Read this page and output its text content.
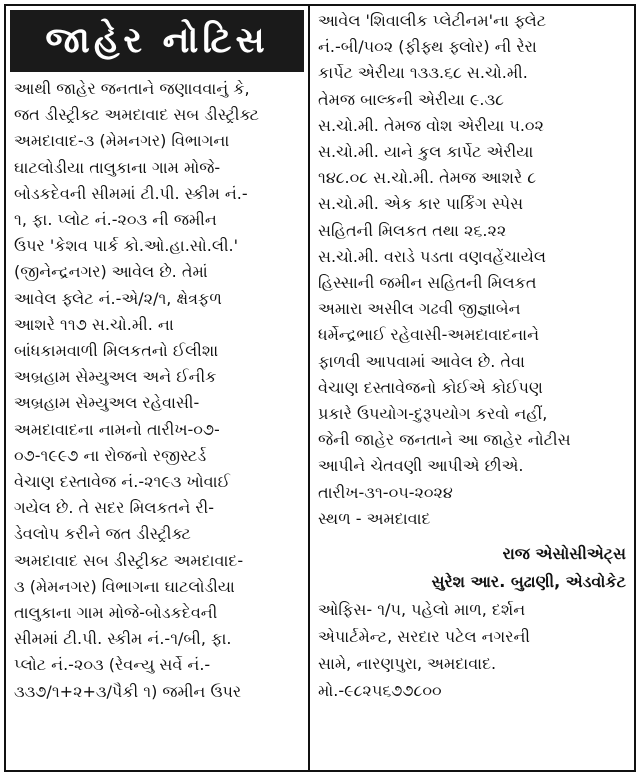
જાહેર નોટિસ
આથી જાહેર જનતાને જણાવવાનું કે,
જત ડીસ્ટ્રીક્ટ અમદાવાદ સબ ડીસ્ટ્રીક્ટ
અમદાવાદ-૩ (મેમનગર) વિભાગના
ઘાટલોડીયા તાલુકાના ગામ મોજે-
બોડકદેવની સીમમાં ટી.પી. સ્કીમ નં.-
૧, ફા. પ્લોટ નં.-૨૦૩ ની જમીન
ઉપર 'કેશવ પાર્ક કો.ઓ.હા.સો.લી.'
(જીનેન્દ્રનગર) આવેલ છે. તેમાં
આવેલ ફ્લેટ નં.-એ/૨/૧, ક્ષેત્રફળ
આશરે ૧૧૭ સ.ચો.મી. ના
બાંધકામવાળી મિલકતનો ઈલીશા
અબ્રહામ સેમ્યુઅલ અને ઈનીક
અબ્રહામ સેમ્યુઅલ રહેવાસી-
અમદાવાદના નામનો તારીખ-૦૭-
૦૭-૧૯૯૭ ના રોજનો રજીસ્ટર્ડ
વેચાણ દસ્તાવેજ નં.-૨૧૯૩ ખોવાઈ
ગયેલ છે. તે સદર મિલકતને રી-
ડેવલોપ કરીને જત ડીસ્ટ્રીક્ટ
અમદાવાદ સબ ડીસ્ટ્રીક્ટ અમદાવાદ-
૩ (મેમનગર) વિભાગના ઘાટલોડીયા
તાલુકાના ગામ મોજે-બોડકદેવની
સીમમાં ટી.પી. સ્કીમ નં.-૧/બી, ફા.
પ્લોટ નં.-૨૦૩ (રેવન્યુ સર્વે નં.-
૩૩૭/૧+૨+૩/પૈકી ૧) જમીન ઉપર
આવેલ 'શિવાલીક પ્લેટીનમ'ના ફ્લેટ
નં.-બી/૫૦૨ (ફીફ્થ ફ્લોર) ની રેરા
કાર્પેટ એરીયા ૧૩૩.૬૮ સ.ચો.મી.
તેમજ બાલ્કની એરીયા ૯.૩૮
સ.ચો.મી. તેમજ વોશ એરીયા ૫.૦૨
સ.ચો.મી. યાને કુલ કાર્પેટ એરીયા
૧૪૮.૦૮ સ.ચો.મી. તેમજ આશરે ૮
સ.ચો.મી. એક કાર પાર્કિંગ સ્પેસ
સહિતની મિલકત તથા ૨૬.૨૨
સ.ચો.મી. વરાડે પડતા વણવહેંચાયેલ
હિસ્સાની જમીન સહિતની મિલકત
અમારા અસીલ ગઢવી જીજ્ઞાબેન
ધર્મેન્દ્રભાઈ રહેવાસી-અમદાવાદનાને
ફાળવી આપવામાં આવેલ છે. તેવા
વેચાણ દસ્તાવેજનો કોઈએ કોઈપણ
પ્રકારે ઉપયોગ-દુરૂપયોગ કરવો નહીં,
જેની જાહેર જનતાને આ જાહેર નોટીસ
આપીને ચેતવણી આપીએ છીએ.
તારીખ-૩૧-૦૫-૨૦૨૪
સ્થળ - અમદાવાદ
રાજ એસોસીએટ્સ
સુરેશ આર. બુઢાણી, એડવોકેટ
ઓફિસ- ૧/૫, પહેલો માળ, દર્શન
એપાર્ટમેન્ટ, સરદાર પટેલ નગરની
સામે, નારણપુરા, અમદાવાદ.
મો.-૯૮૨૫૬૭૭૮૦૦
